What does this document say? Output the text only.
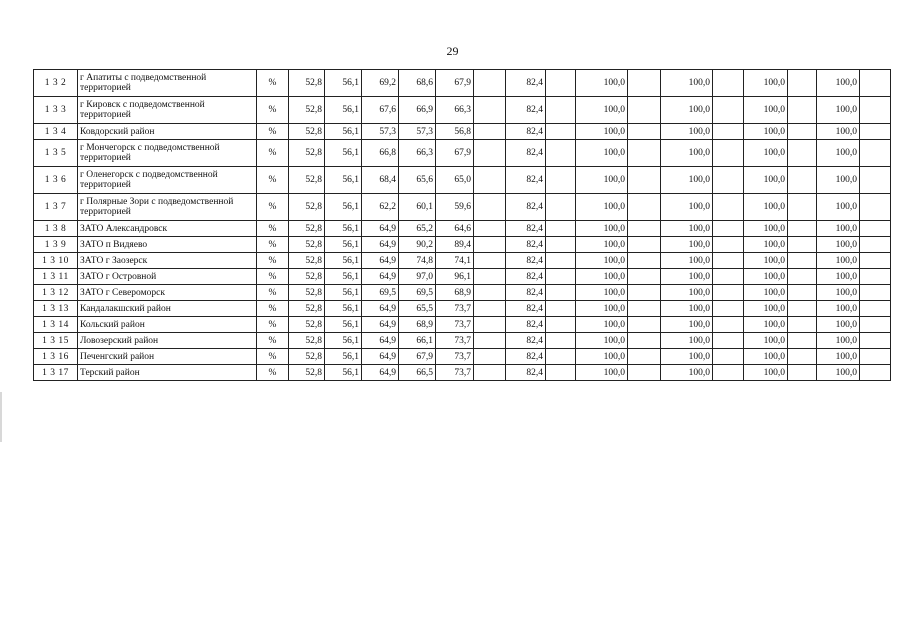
29
1 3 2	г Апатиты с подведомственной территорией	%	52,8	56,1	69,2	68,6	67,9		82,4		100,0		100,0		100,0		100,0	
1 3 3	г Кировск с подведомственной территорией	%	52,8	56,1	67,6	66,9	66,3		82,4		100,0		100,0		100,0		100,0	
1 3 4	Ковдорский район	%	52,8	56,1	57,3	57,3	56,8		82,4		100,0		100,0		100,0		100,0	
1 3 5	г Мончегорск с подведомственной территорией	%	52,8	56,1	66,8	66,3	67,9		82,4		100,0		100,0		100,0		100,0	
1 3 6	г Оленегорск с подведомственной территорией	%	52,8	56,1	68,4	65,6	65,0		82,4		100,0		100,0		100,0		100,0	
1 3 7	г Полярные Зори с подведомственной территорией	%	52,8	56,1	62,2	60,1	59,6		82,4		100,0		100,0		100,0		100,0	
1 3 8	ЗАТО Александровск	%	52,8	56,1	64,9	65,2	64,6		82,4		100,0		100,0		100,0		100,0	
1 3 9	ЗАТО п Видяево	%	52,8	56,1	64,9	90,2	89,4		82,4		100,0		100,0		100,0		100,0	
1 3 10	ЗАТО г Заозерск	%	52,8	56,1	64,9	74,8	74,1		82,4		100,0		100,0		100,0		100,0	
1 3 11	ЗАТО г Островной	%	52,8	56,1	64,9	97,0	96,1		82,4		100,0		100,0		100,0		100,0	
1 3 12	ЗАТО г Североморск	%	52,8	56,1	69,5	69,5	68,9		82,4		100,0		100,0		100,0		100,0	
1 3 13	Кандалакшский район	%	52,8	56,1	64,9	65,5	73,7		82,4		100,0		100,0		100,0		100,0	
1 3 14	Кольский район	%	52,8	56,1	64,9	68,9	73,7		82,4		100,0		100,0		100,0		100,0	
1 3 15	Ловозерский район	%	52,8	56,1	64,9	66,1	73,7		82,4		100,0		100,0		100,0		100,0	
1 3 16	Печенгский район	%	52,8	56,1	64,9	67,9	73,7		82,4		100,0		100,0		100,0		100,0	
1 3 17	Терский район	%	52,8	56,1	64,9	66,5	73,7		82,4		100,0		100,0		100,0		100,0	
